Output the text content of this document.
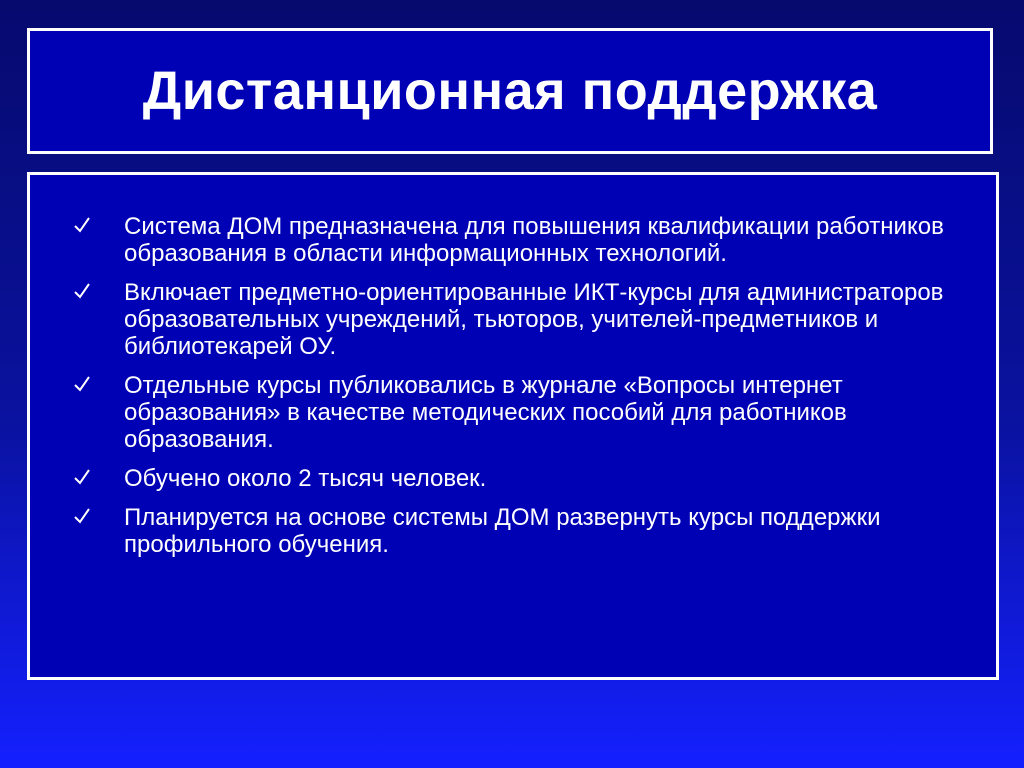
Дистанционная поддержка
Система ДОМ предназначена для повышения квалификации работников образования в области информационных технологий.
Включает предметно-ориентированные ИКТ-курсы для администраторов образовательных учреждений, тьюторов, учителей-предметников и библиотекарей ОУ.
Отдельные курсы публиковались в журнале «Вопросы интернет образования» в качестве методических пособий для работников образования.
Обучено около 2 тысяч человек.
Планируется на основе системы ДОМ развернуть курсы поддержки профильного обучения.
